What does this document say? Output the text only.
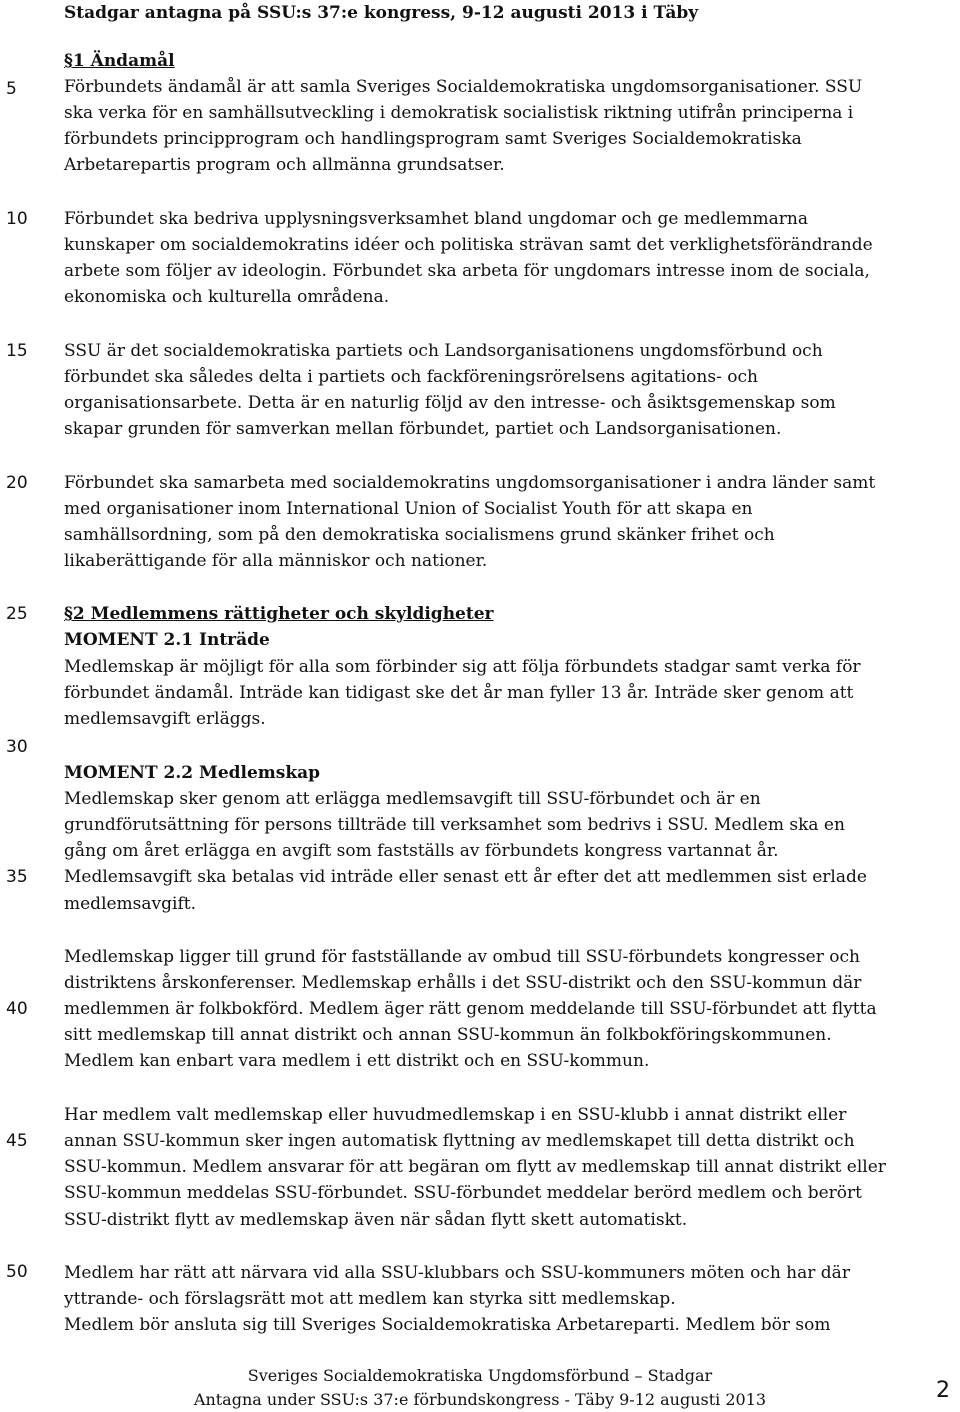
Stadgar antagna på SSU:s 37:e kongress, 9-12 augusti 2013 i Täby
5
10
15
20
25
30
35
40
45
50
§1 Ändamål
Förbundets ändamål är att samla Sveriges Socialdemokratiska ungdomsorganisationer. SSU
ska verka för en samhällsutveckling i demokratisk socialistisk riktning utifrån principerna i
förbundets principprogram och handlingsprogram samt Sveriges Socialdemokratiska
Arbetarepartis program och allmänna grundsatser.
Förbundet ska bedriva upplysningsverksamhet bland ungdomar och ge medlemmarna
kunskaper om socialdemokratins idéer och politiska strävan samt det verklighetsförändrande
arbete som följer av ideologin. Förbundet ska arbeta för ungdomars intresse inom de sociala,
ekonomiska och kulturella områdena.
SSU är det socialdemokratiska partiets och Landsorganisationens ungdomsförbund och
förbundet ska således delta i partiets och fackföreningsrörelsens agitations- och
organisationsarbete. Detta är en naturlig följd av den intresse- och åsiktsgemenskap som
skapar grunden för samverkan mellan förbundet, partiet och Landsorganisationen.
Förbundet ska samarbeta med socialdemokratins ungdomsorganisationer i andra länder samt
med organisationer inom International Union of Socialist Youth för att skapa en
samhällsordning, som på den demokratiska socialismens grund skänker frihet och
likaberättigande för alla människor och nationer.
§2 Medlemmens rättigheter och skyldigheter
MOMENT 2.1 Inträde
Medlemskap är möjligt för alla som förbinder sig att följa förbundets stadgar samt verka för
förbundet ändamål. Inträde kan tidigast ske det år man fyller 13 år. Inträde sker genom att
medlemsavgift erläggs.
MOMENT 2.2 Medlemskap
Medlemskap sker genom att erlägga medlemsavgift till SSU-förbundet och är en
grundförutsättning för persons tillträde till verksamhet som bedrivs i SSU. Medlem ska en
gång om året erlägga en avgift som fastställs av förbundets kongress vartannat år.
Medlemsavgift ska betalas vid inträde eller senast ett år efter det att medlemmen sist erlade
medlemsavgift.
Medlemskap ligger till grund för fastställande av ombud till SSU-förbundets kongresser och
distriktens årskonferenser. Medlemskap erhålls i det SSU-distrikt och den SSU-kommun där
medlemmen är folkbokförd. Medlem äger rätt genom meddelande till SSU-förbundet att flytta
sitt medlemskap till annat distrikt och annan SSU-kommun än folkbokföringskommunen.
Medlem kan enbart vara medlem i ett distrikt och en SSU-kommun.
Har medlem valt medlemskap eller huvudmedlemskap i en SSU-klubb i annat distrikt eller
annan SSU-kommun sker ingen automatisk flyttning av medlemskapet till detta distrikt och
SSU-kommun. Medlem ansvarar för att begäran om flytt av medlemskap till annat distrikt eller
SSU-kommun meddelas SSU-förbundet. SSU-förbundet meddelar berörd medlem och berört
SSU-distrikt flytt av medlemskap även när sådan flytt skett automatiskt.
Medlem har rätt att närvara vid alla SSU-klubbars och SSU-kommuners möten och har där
yttrande- och förslagsrätt mot att medlem kan styrka sitt medlemskap.
Medlem bör ansluta sig till Sveriges Socialdemokratiska Arbetareparti. Medlem bör som
Sveriges Socialdemokratiska Ungdomsförbund – Stadgar
Antagna under SSU:s 37:e förbundskongress - Täby 9-12 augusti 2013	2
